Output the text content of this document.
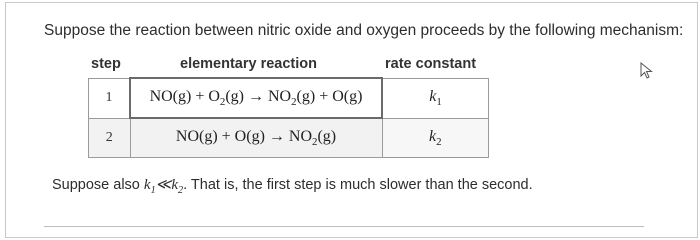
Suppose the reaction between nitric oxide and oxygen proceeds by the following mechanism:
step	elementary reaction	rate constant
1	$NO(g) + O_2(g) \to NO_2(g) + O(g)$	$k_1$
2	$NO(g) + O(g) \to NO_2(g)$	$k_2$
Suppose also $k_1≪k_2$. That is, the first step is much slower than the second.
